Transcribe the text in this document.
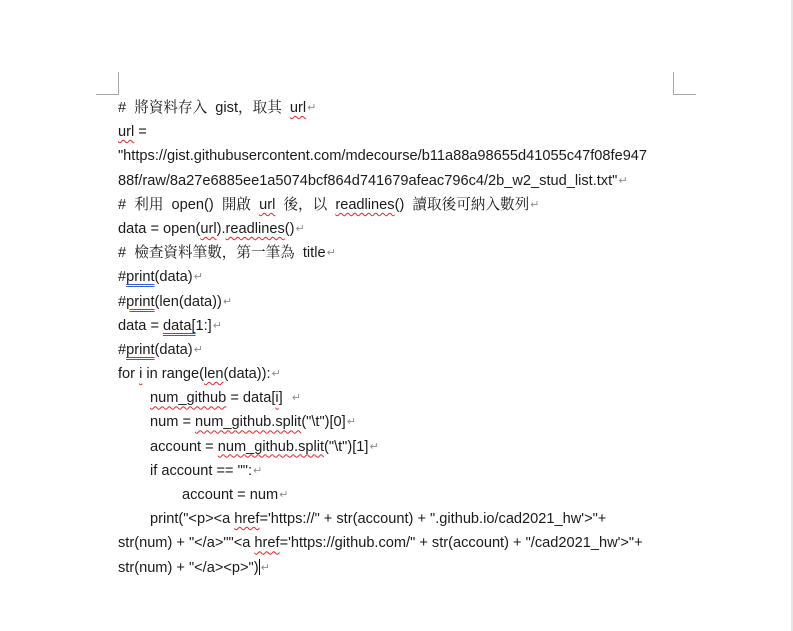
#  將資料存入  gist，取其  url↵
url =
"https://gist.githubusercontent.com/mdecourse/b11a88a98655d41055c47f08fe947
88f/raw/8a27e6885ee1a5074bcf864d741679afeac796c4/2b_w2_stud_list.txt"↵
#  利用  open()  開啟  url  後，以  readlines()  讀取後可納入數列↵
data = open(url).readlines()↵
#  檢查資料筆數，第一筆為  title↵
#print(data)↵
#print(len(data))↵
data = data[1:]↵
#print(data)↵
for i in range(len(data)):↵
num_github = data[i]  ↵
num = num_github.split("\t")[0]↵
account = num_github.split("\t")[1]↵
if account == "":↵
account = num↵
print("<p><a href='https://" + str(account) + ".github.io/cad2021_hw'>"+
str(num) + "</a>""<a href='https://github.com/" + str(account) + "/cad2021_hw'>"+
str(num) + "</a><p>") ↵
